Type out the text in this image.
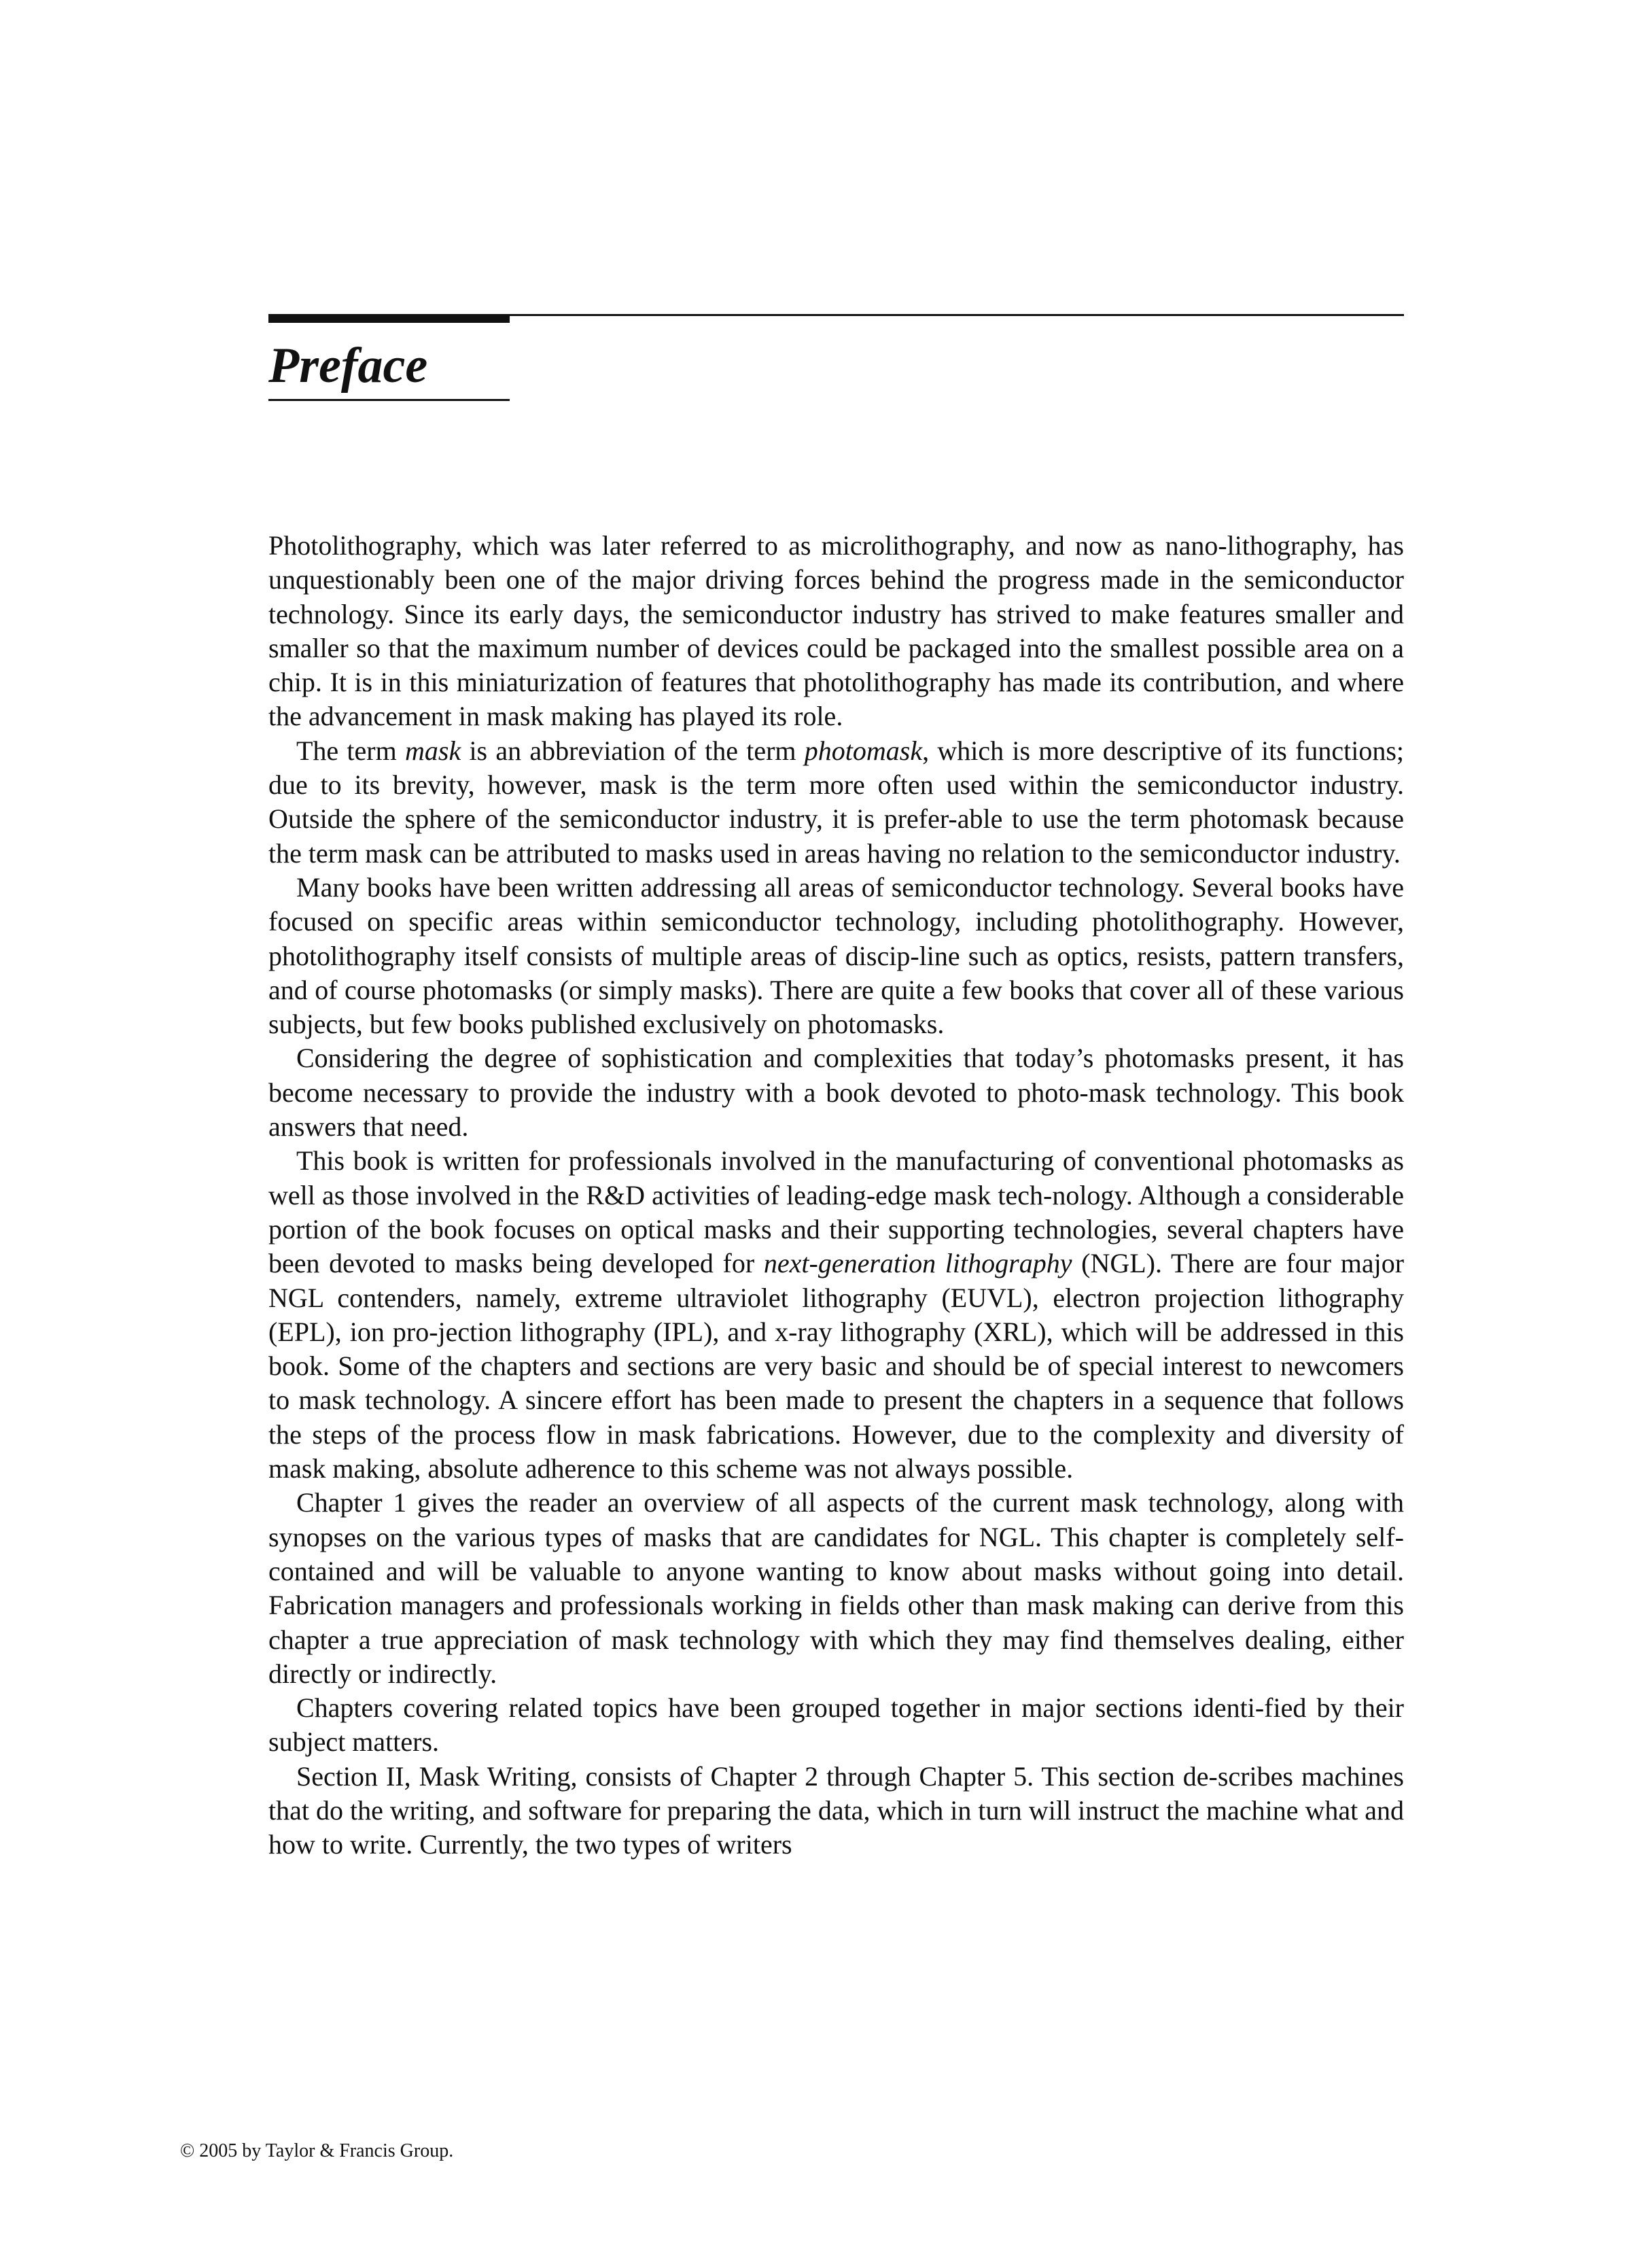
Preface

Photolithography, which was later referred to as microlithography, and now as nano-lithography, has unquestionably been one of the major driving forces behind the progress made in the semiconductor technology. Since its early days, the semiconductor industry has strived to make features smaller and smaller so that the maximum number of devices could be packaged into the smallest possible area on a chip. It is in this miniaturization of features that photolithography has made its contribution, and where the advancement in mask making has played its role.

The term mask is an abbreviation of the term photomask, which is more descriptive of its functions; due to its brevity, however, mask is the term more often used within the semiconductor industry. Outside the sphere of the semiconductor industry, it is prefer-able to use the term photomask because the term mask can be attributed to masks used in areas having no relation to the semiconductor industry.

Many books have been written addressing all areas of semiconductor technology. Several books have focused on specific areas within semiconductor technology, including photolithography. However, photolithography itself consists of multiple areas of discip-line such as optics, resists, pattern transfers, and of course photomasks (or simply masks). There are quite a few books that cover all of these various subjects, but few books published exclusively on photomasks.

Considering the degree of sophistication and complexities that today’s photomasks present, it has become necessary to provide the industry with a book devoted to photo-mask technology. This book answers that need.

This book is written for professionals involved in the manufacturing of conventional photomasks as well as those involved in the R&D activities of leading-edge mask tech-nology. Although a considerable portion of the book focuses on optical masks and their supporting technologies, several chapters have been devoted to masks being developed for next-generation lithography (NGL). There are four major NGL contenders, namely, extreme ultraviolet lithography (EUVL), electron projection lithography (EPL), ion pro-jection lithography (IPL), and x-ray lithography (XRL), which will be addressed in this book. Some of the chapters and sections are very basic and should be of special interest to newcomers to mask technology. A sincere effort has been made to present the chapters in a sequence that follows the steps of the process flow in mask fabrications. However, due to the complexity and diversity of mask making, absolute adherence to this scheme was not always possible.

Chapter 1 gives the reader an overview of all aspects of the current mask technology, along with synopses on the various types of masks that are candidates for NGL. This chapter is completely self-contained and will be valuable to anyone wanting to know about masks without going into detail. Fabrication managers and professionals working in fields other than mask making can derive from this chapter a true appreciation of mask technology with which they may find themselves dealing, either directly or indirectly.

Chapters covering related topics have been grouped together in major sections identi-fied by their subject matters.

Section II, Mask Writing, consists of Chapter 2 through Chapter 5. This section de-scribes machines that do the writing, and software for preparing the data, which in turn will instruct the machine what and how to write. Currently, the two types of writers

© 2005 by Taylor & Francis Group.
